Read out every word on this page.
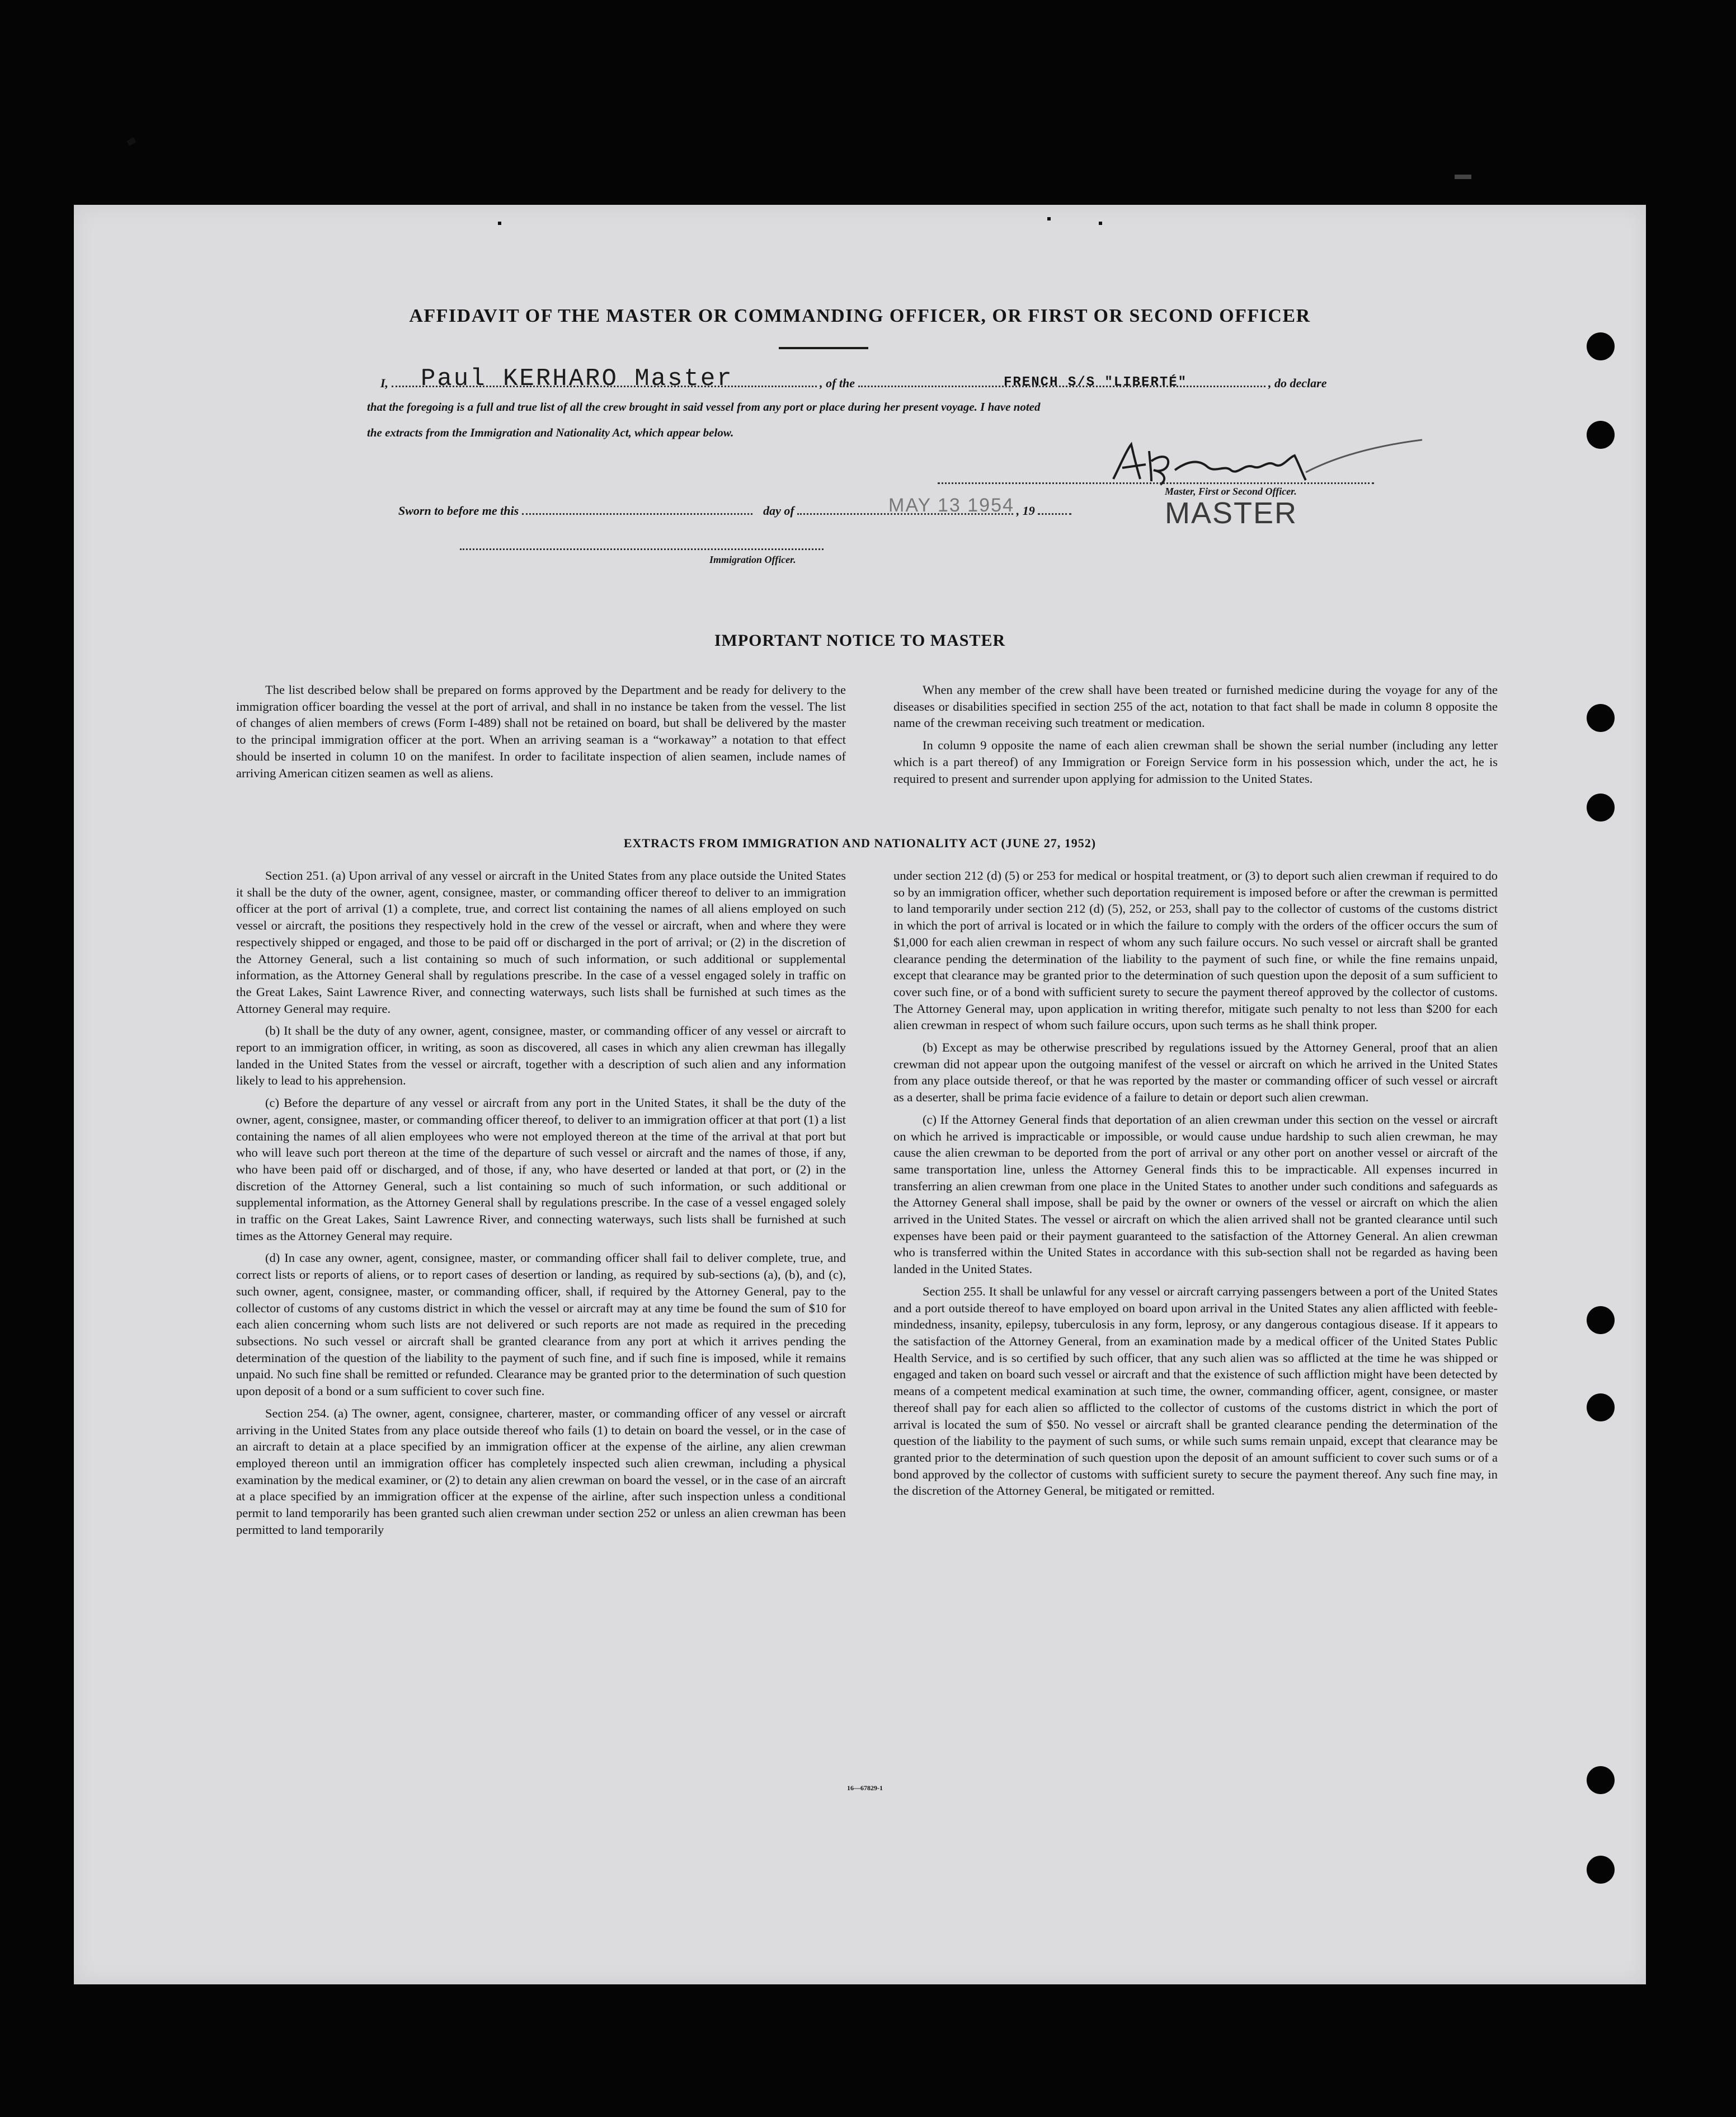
AFFIDAVIT OF THE MASTER OR COMMANDING OFFICER, OR FIRST OR SECOND OFFICER
I,	, of the	, do declare
Paul KERHARO Master	FRENCH S/S "LIBERTÉ"
that the foregoing is a full and true list of all the crew brought in said vessel from any port or place during her present voyage. I have noted
the extracts from the Immigration and Nationality Act, which appear below.
Master, First or Second Officer.
MASTER
Sworn to before me this	day of	, 19
MAY 13 1954
Immigration Officer.
IMPORTANT NOTICE TO MASTER

The list described below shall be prepared on forms approved by the Department and be ready for delivery to the immigration officer boarding the vessel at the port of arrival, and shall in no instance be taken from the vessel. The list of changes of alien members of crews (Form I-489) shall not be retained on board, but shall be delivered by the master to the principal immigration officer at the port. When an arriving seaman is a “workaway” a notation to that effect should be inserted in column 10 on the manifest. In order to facilitate inspection of alien seamen, include names of arriving American citizen seamen as well as aliens.

When any member of the crew shall have been treated or furnished medicine during the voyage for any of the diseases or disabilities specified in section 255 of the act, notation to that fact shall be made in column 8 opposite the name of the crewman receiving such treatment or medication.

In column 9 opposite the name of each alien crewman shall be shown the serial number (including any letter which is a part thereof) of any Immigration or Foreign Service form in his possession which, under the act, he is required to present and surrender upon applying for admission to the United States.

EXTRACTS FROM IMMIGRATION AND NATIONALITY ACT (JUNE 27, 1952)

Section 251. (a) Upon arrival of any vessel or aircraft in the United States from any place outside the United States it shall be the duty of the owner, agent, consignee, master, or commanding officer thereof to deliver to an immigration officer at the port of arrival (1) a complete, true, and correct list containing the names of all aliens employed on such vessel or aircraft, the positions they respectively hold in the crew of the vessel or aircraft, when and where they were respectively shipped or engaged, and those to be paid off or discharged in the port of arrival; or (2) in the discretion of the Attorney General, such a list containing so much of such information, or such additional or supplemental information, as the Attorney General shall by regulations prescribe. In the case of a vessel engaged solely in traffic on the Great Lakes, Saint Lawrence River, and connecting waterways, such lists shall be furnished at such times as the Attorney General may require.

(b) It shall be the duty of any owner, agent, consignee, master, or commanding officer of any vessel or aircraft to report to an immigration officer, in writing, as soon as discovered, all cases in which any alien crewman has illegally landed in the United States from the vessel or aircraft, together with a description of such alien and any information likely to lead to his apprehension.

(c) Before the departure of any vessel or aircraft from any port in the United States, it shall be the duty of the owner, agent, consignee, master, or commanding officer thereof, to deliver to an immigration officer at that port (1) a list containing the names of all alien employees who were not employed thereon at the time of the arrival at that port but who will leave such port thereon at the time of the departure of such vessel or aircraft and the names of those, if any, who have been paid off or discharged, and of those, if any, who have deserted or landed at that port, or (2) in the discretion of the Attorney General, such a list containing so much of such information, or such additional or supplemental information, as the Attorney General shall by regulations prescribe. In the case of a vessel engaged solely in traffic on the Great Lakes, Saint Lawrence River, and connecting waterways, such lists shall be furnished at such times as the Attorney General may require.

(d) In case any owner, agent, consignee, master, or commanding officer shall fail to deliver complete, true, and correct lists or reports of aliens, or to report cases of desertion or landing, as required by sub-sections (a), (b), and (c), such owner, agent, consignee, master, or commanding officer, shall, if required by the Attorney General, pay to the collector of customs of any customs district in which the vessel or aircraft may at any time be found the sum of $10 for each alien concerning whom such lists are not delivered or such reports are not made as required in the preceding subsections. No such vessel or aircraft shall be granted clearance from any port at which it arrives pending the determination of the question of the liability to the payment of such fine, and if such fine is imposed, while it remains unpaid. No such fine shall be remitted or refunded. Clearance may be granted prior to the determination of such question upon deposit of a bond or a sum sufficient to cover such fine.

Section 254. (a) The owner, agent, consignee, charterer, master, or commanding officer of any vessel or aircraft arriving in the United States from any place outside thereof who fails (1) to detain on board the vessel, or in the case of an aircraft to detain at a place specified by an immigration officer at the expense of the airline, any alien crewman employed thereon until an immigration officer has completely inspected such alien crewman, including a physical examination by the medical examiner, or (2) to detain any alien crewman on board the vessel, or in the case of an aircraft at a place specified by an immigration officer at the expense of the airline, after such inspection unless a conditional permit to land temporarily has been granted such alien crewman under section 252 or unless an alien crewman has been permitted to land temporarily

under section 212 (d) (5) or 253 for medical or hospital treatment, or (3) to deport such alien crewman if required to do so by an immigration officer, whether such deportation requirement is imposed before or after the crewman is permitted to land temporarily under section 212 (d) (5), 252, or 253, shall pay to the collector of customs of the customs district in which the port of arrival is located or in which the failure to comply with the orders of the officer occurs the sum of $1,000 for each alien crewman in respect of whom any such failure occurs. No such vessel or aircraft shall be granted clearance pending the determination of the liability to the payment of such fine, or while the fine remains unpaid, except that clearance may be granted prior to the determination of such question upon the deposit of a sum sufficient to cover such fine, or of a bond with sufficient surety to secure the payment thereof approved by the collector of customs. The Attorney General may, upon application in writing therefor, mitigate such penalty to not less than $200 for each alien crewman in respect of whom such failure occurs, upon such terms as he shall think proper.

(b) Except as may be otherwise prescribed by regulations issued by the Attorney General, proof that an alien crewman did not appear upon the outgoing manifest of the vessel or aircraft on which he arrived in the United States from any place outside thereof, or that he was reported by the master or commanding officer of such vessel or aircraft as a deserter, shall be prima facie evidence of a failure to detain or deport such alien crewman.

(c) If the Attorney General finds that deportation of an alien crewman under this section on the vessel or aircraft on which he arrived is impracticable or impossible, or would cause undue hardship to such alien crewman, he may cause the alien crewman to be deported from the port of arrival or any other port on another vessel or aircraft of the same transportation line, unless the Attorney General finds this to be impracticable. All expenses incurred in transferring an alien crewman from one place in the United States to another under such conditions and safeguards as the Attorney General shall impose, shall be paid by the owner or owners of the vessel or aircraft on which the alien arrived in the United States. The vessel or aircraft on which the alien arrived shall not be granted clearance until such expenses have been paid or their payment guaranteed to the satisfaction of the Attorney General. An alien crewman who is transferred within the United States in accordance with this sub-section shall not be regarded as having been landed in the United States.

Section 255. It shall be unlawful for any vessel or aircraft carrying passengers between a port of the United States and a port outside thereof to have employed on board upon arrival in the United States any alien afflicted with feeble-mindedness, insanity, epilepsy, tuberculosis in any form, leprosy, or any dangerous contagious disease. If it appears to the satisfaction of the Attorney General, from an examination made by a medical officer of the United States Public Health Service, and is so certified by such officer, that any such alien was so afflicted at the time he was shipped or engaged and taken on board such vessel or aircraft and that the existence of such affliction might have been detected by means of a competent medical examination at such time, the owner, commanding officer, agent, consignee, or master thereof shall pay for each alien so afflicted to the collector of customs of the customs district in which the port of arrival is located the sum of $50. No vessel or aircraft shall be granted clearance pending the determination of the question of the liability to the payment of such sums, or while such sums remain unpaid, except that clearance may be granted prior to the determination of such question upon the deposit of an amount sufficient to cover such sums or of a bond approved by the collector of customs with sufficient surety to secure the payment thereof. Any such fine may, in the discretion of the Attorney General, be mitigated or remitted.

16—67829-1
